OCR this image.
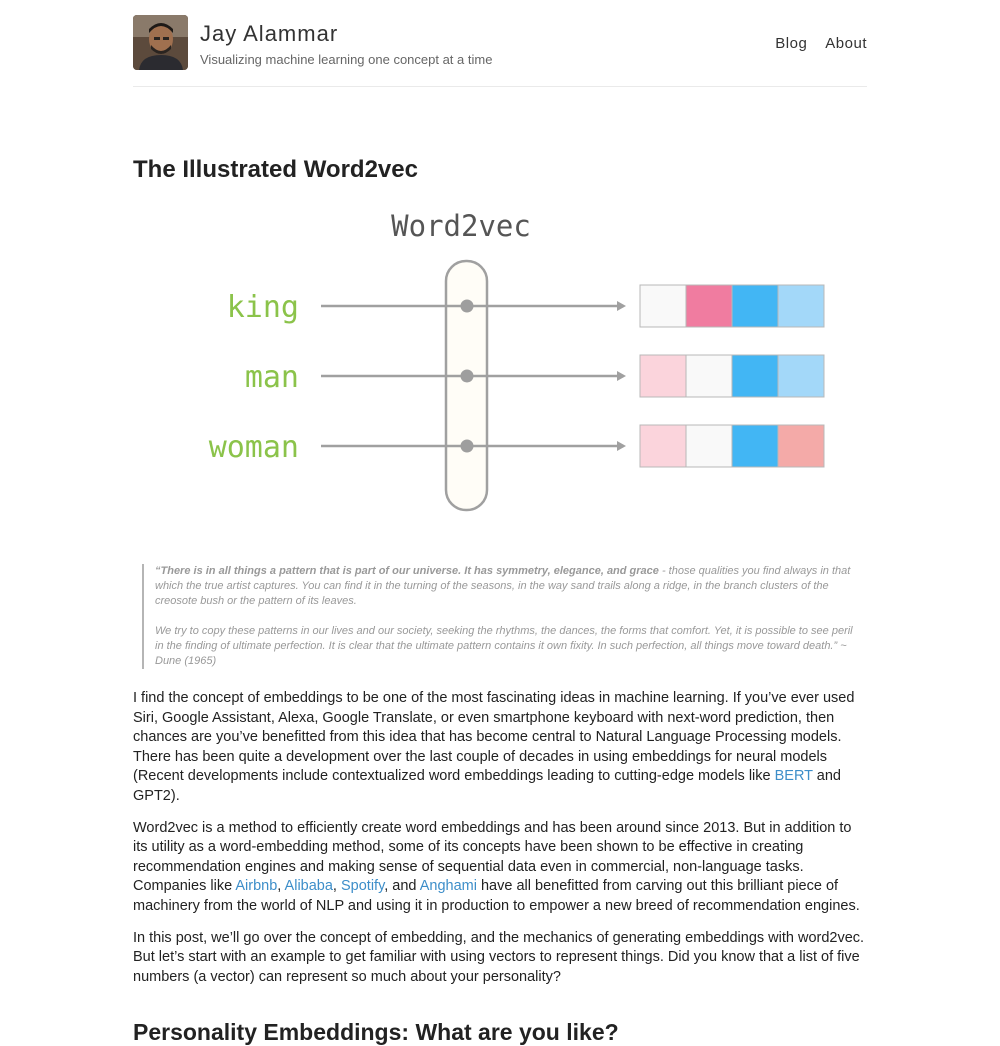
Jay Alammar
Visualizing machine learning one concept at a time
Blog About
The Illustrated Word2vec
Word2vec
king
man
woman

“There is in all things a pattern that is part of our universe. It has symmetry, elegance, and grace - those qualities you find always in that which the true artist captures. You can find it in the turning of the seasons, in the way sand trails along a ridge, in the branch clusters of the creosote bush or the pattern of its leaves.

We try to copy these patterns in our lives and our society, seeking the rhythms, the dances, the forms that comfort. Yet, it is possible to see peril in the finding of ultimate perfection. It is clear that the ultimate pattern contains it own fixity. In such perfection, all things move toward death.” ~ Dune (1965)

I find the concept of embeddings to be one of the most fascinating ideas in machine learning. If you’ve ever used Siri, Google Assistant, Alexa, Google Translate, or even smartphone keyboard with next-word prediction, then chances are you’ve benefitted from this idea that has become central to Natural Language Processing models. There has been quite a development over the last couple of decades in using embeddings for neural models (Recent developments include contextualized word embeddings leading to cutting-edge models like BERT and GPT2).

Word2vec is a method to efficiently create word embeddings and has been around since 2013. But in addition to its utility as a word-embedding method, some of its concepts have been shown to be effective in creating recommendation engines and making sense of sequential data even in commercial, non-language tasks. Companies like Airbnb, Alibaba, Spotify, and Anghami have all benefitted from carving out this brilliant piece of machinery from the world of NLP and using it in production to empower a new breed of recommendation engines.

In this post, we’ll go over the concept of embedding, and the mechanics of generating embeddings with word2vec. But let’s start with an example to get familiar with using vectors to represent things. Did you know that a list of five numbers (a vector) can represent so much about your personality?

Personality Embeddings: What are you like?
